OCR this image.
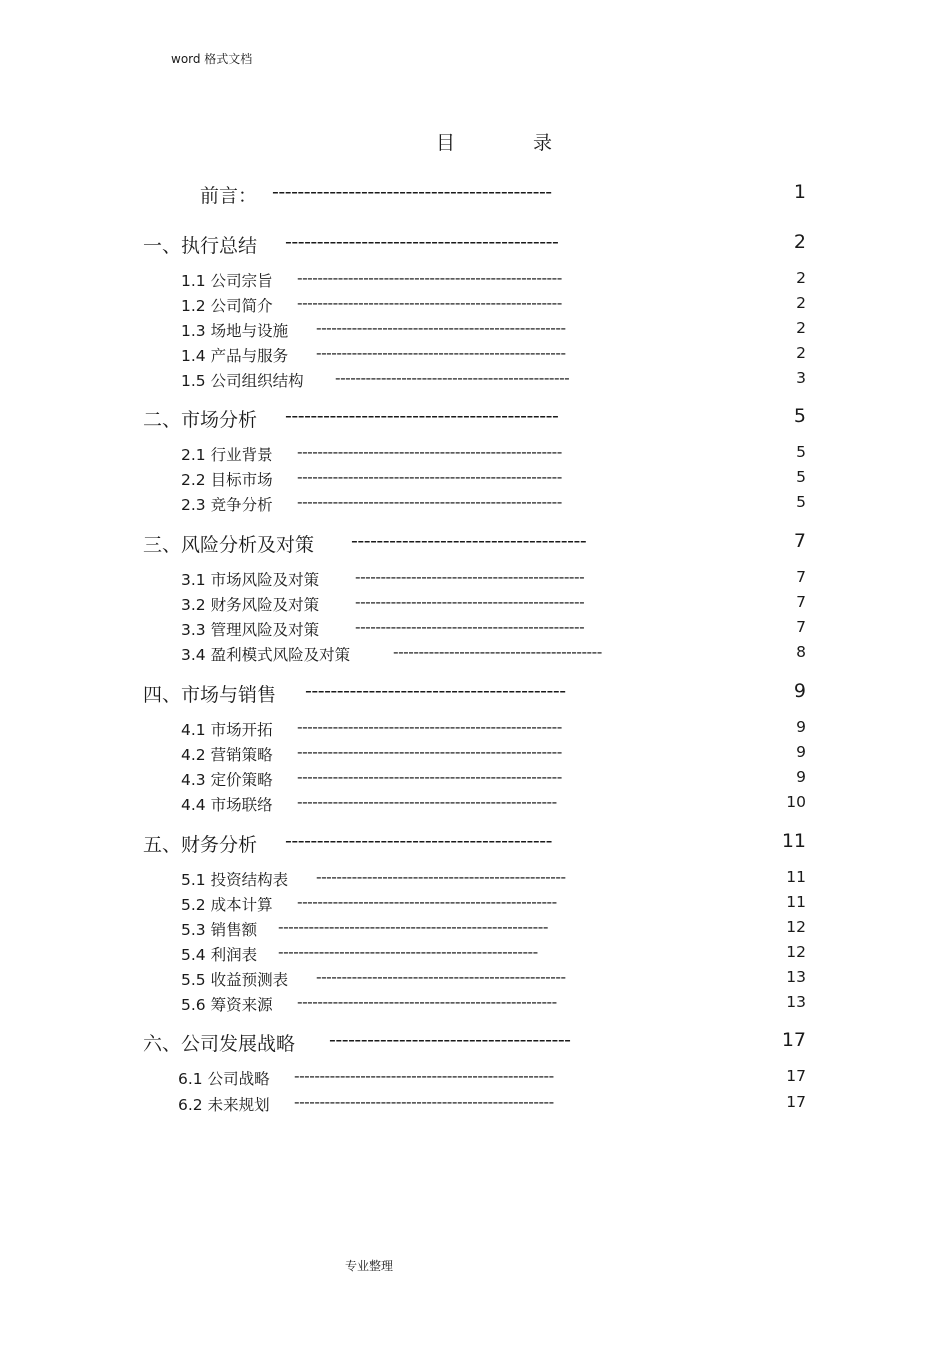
word 格式文档
目 录
前言： --------------------------------------------	1
一、执行总结 -------------------------------------------	2
1.1 公司宗旨 ----------------------------------------------------	2
1.2 公司简介 ----------------------------------------------------	2
1.3 场地与设施 -------------------------------------------------	2
1.4 产品与服务 -------------------------------------------------	2
1.5 公司组织结构 ----------------------------------------------	3
二、市场分析 -------------------------------------------	5
2.1 行业背景 ----------------------------------------------------	5
2.2 目标市场 ----------------------------------------------------	5
2.3 竞争分析 ----------------------------------------------------	5
三、风险分析及对策 -------------------------------------	7
3.1 市场风险及对策 ---------------------------------------------	7
3.2 财务风险及对策 ---------------------------------------------	7
3.3 管理风险及对策 ---------------------------------------------	7
3.4 盈利模式风险及对策	-----------------------------------------	8
四、市场与销售 -----------------------------------------	9
4.1 市场开拓 ----------------------------------------------------	9
4.2 营销策略 ----------------------------------------------------	9
4.3 定价策略 ----------------------------------------------------	9
4.4 市场联络 ---------------------------------------------------	10
五、财务分析 ------------------------------------------	11
5.1 投资结构表 -------------------------------------------------	11
5.2 成本计算 ---------------------------------------------------	11
5.3 销售额 -----------------------------------------------------	12
5.4 利润表 ---------------------------------------------------	12
5.5 收益预测表 -------------------------------------------------	13
5.6 筹资来源 ---------------------------------------------------	13
六、公司发展战略 --------------------------------------	17
6.1 公司战略 ---------------------------------------------------	17
6.2 未来规划 ---------------------------------------------------	17
专业整理
